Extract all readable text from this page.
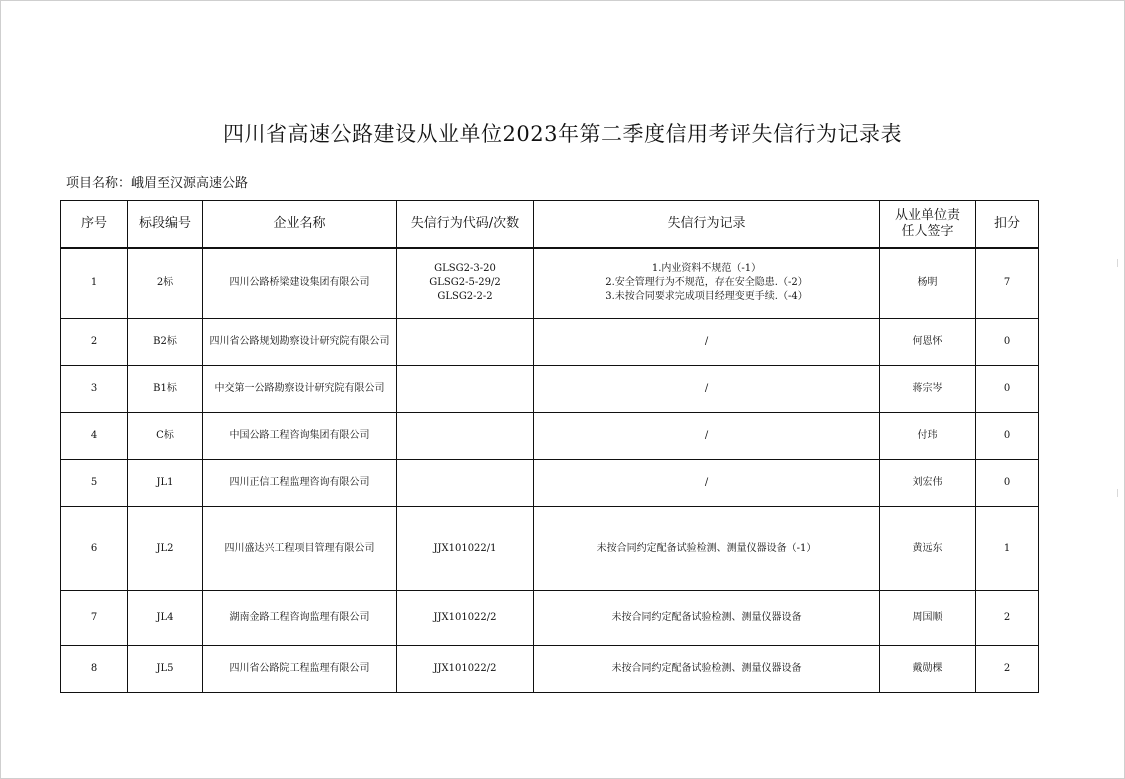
四川省高速公路建设从业单位2023年第二季度信用考评失信行为记录表
项目名称：峨眉至汉源高速公路
序号	标段编号	企业名称	失信行为代码/次数	失信行为记录	从业单位责任人签字	扣分
1	2标	四川公路桥梁建设集团有限公司	GLSG2-3-20
GLSG2-5-29/2
GLSG2-2-2	1.内业资料不规范（-1）
2.安全管理行为不规范，存在安全隐患.（-2）
3.未按合同要求完成项目经理变更手续.（-4）	杨明	7
2	B2标	四川省公路规划勘察设计研究院有限公司		/	何恩怀	0
3	B1标	中交第一公路勘察设计研究院有限公司		/	蒋宗岑	0
4	C标	中国公路工程咨询集团有限公司		/	付玮	0
5	JL1	四川正信工程监理咨询有限公司		/	刘宏伟	0
6	JL2	四川盛达兴工程项目管理有限公司	JJX101022/1	未按合同约定配备试验检测、测量仪器设备（-1）	黄远东	1
7	JL4	湖南金路工程咨询监理有限公司	JJX101022/2	未按合同约定配备试验检测、测量仪器设备	周国顺	2
8	JL5	四川省公路院工程监理有限公司	JJX101022/2	未按合同约定配备试验检测、测量仪器设备	戴勋棵	2
